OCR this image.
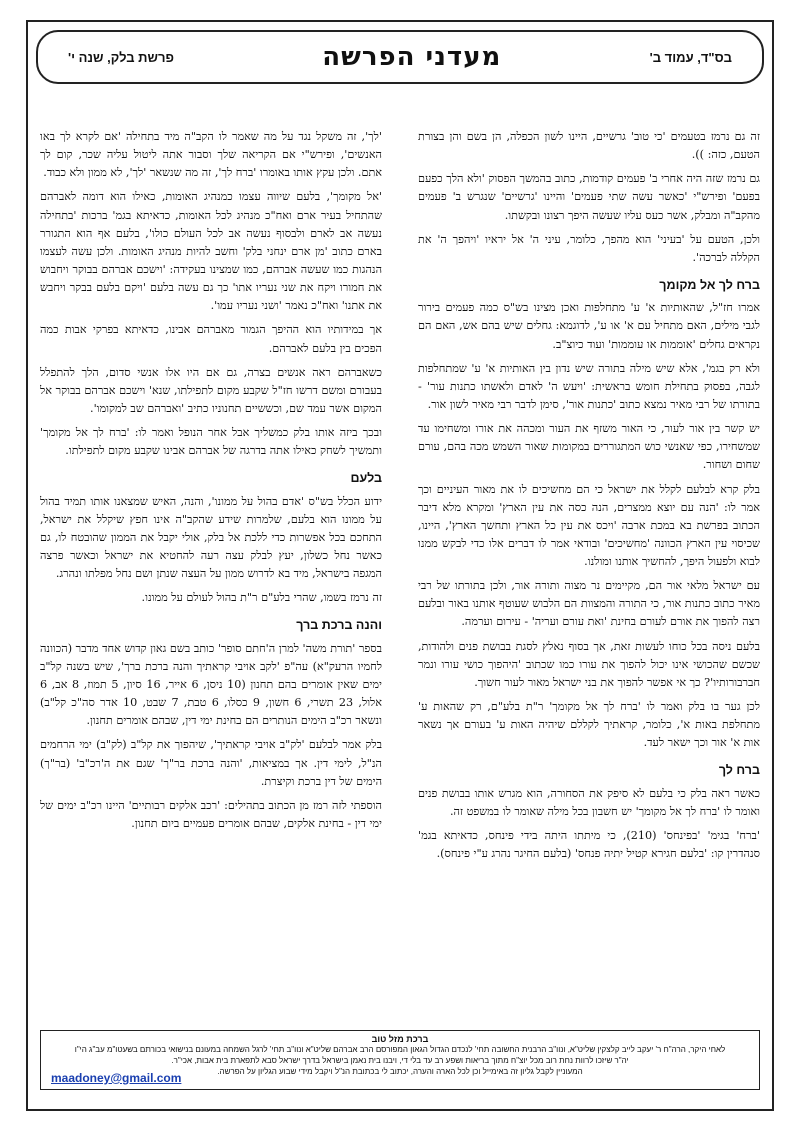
בס"ד, עמוד ב'
מעדני הפרשה
פרשת בלק, שנה י'

זה גם נרמז בטעמים 'כי טוב' גרשיים, היינו לשון הכפלה, הן בשם והן בצורת הטעם, כזה: )).

גם נרמז שזה היה אחרי ב' פעמים קודמות, כתוב בהמשך הפסוק 'ולא הלך כפעם בפעם' ופירש"י 'כאשר עשה שתי פעמים' והיינו 'גרשיים' שנגרש ב' פעמים מהקב"ה ומבלק, אשר כעס עליו שעשה היפך רצונו ובקשתו.

ולכן, הטעם על 'בעיני' הוא מהפך, כלומר, עיני ה' אל יראיו 'ויהפך ה' את הקללה לברכה'.

ברח לך אל מקומך

אמרו חז"ל, שהאותיות א' ע' מתחלפות ואכן מצינו בש"ס כמה פעמים בירור לגבי מילים, האם מתחיל עם א' או ע', לדוגמא: גחלים שיש בהם אש, האם הם נקראים גחלים 'אוממות או עוממות' ועוד כיוצ"ב.

ולא רק בגמ', אלא שיש מילה בתורה שיש נדון בין האותיות א' ע' שמתחלפות לגבה, בפסוק בתחילת חומש בראשית: 'ויעש ה' לאדם ולאשתו כתנות עור' - בתורתו של רבי מאיר נמצא כתוב 'כתנות אור', סימן לדבר רבי מאיר לשון אור.

יש קשר בין אור לעור, כי האור משזף את העור ומכהה את אורו ומשחימו עד שמשחירו, כפי שאנשי כוש המתגוררים במקומות שאור השמש מכה בהם, עורם שחום ושחור.

בלק קרא לבלעם לקלל את ישראל כי הם מחשיכים לו את מאור העיניים וכך אמר לו: 'הנה עם יוצא ממצרים, הנה כסה את עין הארץ' ומקרא מלא דיבר הכתוב בפרשת בא במכת ארבה 'ויכס את עין כל הארץ ותחשך הארץ', היינו, שכיסוי עין הארץ הכוונה 'מחשיכים' ובודאי אמר לו דברים אלו כדי לבקש ממנו לבוא ולפעול היפך, להחשיך אותנו ומולנו.

עם ישראל מלאי אור הם, מקיימים נר מצוה ותורה אור, ולכן בתורתו של רבי מאיר כתוב כתנות אור, כי התורה והמצוות הם הלבוש שעוטף אותנו באור ובלעם רצה להפוך את אורם לעורם בחינת 'ואת עורם ועריה' - עירום וערמה.

בלעם ניסה בכל כוחו לעשות זאת, אך בסוף נאלץ לסגת בבושת פנים ולהודות, שכשם שהכושי אינו יכול להפוך את עורו כמו שכתוב 'היהפוך כושי עורו ונמר חברבורותיו'? כך אי אפשר להפוך את בני ישראל מאור לעור חשוך.

לכן גער בו בלק ואמר לו 'ברח לך אל מקומך' ר"ת בלע"ם, רק שהאות ע' מתחלפת באות א', כלומר, קראתיך לקללם שיהיה האות ע' בעורם אך נשאר אות א' אור וכך ישאר לעד.

ברח לך

כאשר ראה בלק כי בלעם לא סיפק את הסחורה, הוא מגרש אותו בבושת פנים ואומר לו 'ברח לך אל מקומך' יש חשבון בכל מילה שאומר לו במשפט זה.

'ברח' בגימ' 'בפינחס' (210), כי מיתתו היתה בידי פינחס, כדאיתא בגמ' סנהדרין קו: 'בלעם חגירא קטיל יתיה פנחס' (בלעם החיגר נהרג ע"י פינחס).

'לך', זה משקל נגד על מה שאמר לו הקב"ה מיד בתחילה 'אם לקרא לך באו האנשים', ופירש"י אם הקריאה שלך וסבור אתה ליטול עליה שכר, קום לך אתם. ולכן עקץ אותו באומרו 'ברח לך', זה מה שנשאר 'לך', לא ממון ולא כבוד.

'אל מקומך', בלעם שיווה עצמו כמנהיג האומות, כאילו הוא דומה לאברהם שהתחיל בעיר ארם ואח"כ מנהיג לכל האומות, כדאיתא בגמ' ברכות 'בתחילה נעשה אב לארם ולבסוף נעשה אב לכל העולם כולו', בלעם אף הוא התגורר בארם כתוב 'מן ארם ינחני בלק' וחשב להיות מנהיג האומות. ולכן עשה לעצמו הנהגות כמו שעשה אברהם, כמו שמצינו בעקידה: 'וישכם אברהם בבוקר ויחבוש את חמורו ויקח את שני נעריו אתו' כך גם עשה בלעם 'ויקם בלעם בבקר ויחבש את אתנו' ואח"כ נאמר 'ושני נעריו עמו'.

אך במידותיו הוא ההיפך הגמור מאברהם אבינו, כדאיתא בפרקי אבות כמה הפכים בין בלעם לאברהם.

כשאברהם ראה אנשים בצרה, גם אם היו אלו אנשי סדום, הלך להתפלל בעבורם ומשם דרשו חז"ל שקבע מקום לתפילתו, שנא' וישכם אברהם בבוקר אל המקום אשר עמד שם, וכששיים תחנוניו כתיב 'ואברהם שב למקומו'.

ובכך ביזה אותו בלק כמשליך אבל אחר הנופל ואמר לו: 'ברח לך אל מקומך' ותמשיך לשחק כאילו אתה בדרגה של אברהם אבינו שקבע מקום לתפילתו.

בלעם

ידוע הכלל בש"ס 'אדם בהול על ממונו', והנה, האיש שמצאנו אותו תמיד בהול על ממונו הוא בלעם, שלמרות שידע שהקב"ה אינו חפץ שיקלל את ישראל, התחכם בכל אפשרות כדי ללכת אל בלק, אולי יקבל את הממון שהובטח לו, גם כאשר נחל כשלון, יעץ לבלק עצה רעה להחטיא את ישראל וכאשר פרצה המגפה בישראל, מיד בא לדרוש ממון על העצה שנתן ושם נחל מפלתו ונהרג.

זה נרמז בשמו, שהרי בלע"ם ר"ת בהול לעולם על ממונו.

והנה ברכת ברך

בספר 'תורת משה' למרן ה'חתם סופר' כותב בשם גאון קדוש אחד מדבר (הכוונה לחמיו הרעק"א) עה"פ 'לקב אויבי קראתיך והנה ברכת ברך', שיש בשנה קל"ב ימים שאין אומרים בהם תחנון (10 ניסן, 6 אייר, 16 סיון, 5 תמוז, 8 אב, 6 אלול, 23 תשרי, 6 חשון, 9 כסלו, 6 טבת, 7 שבט, 10 אדר סה"כ קל"ב) ונשאר רכ"ב הימים הנותרים הם בחינת ימי דין, שבהם אומרים תחנון.

בלק אמר לבלעם 'לק"ב אויבי קראתיך', שיהפוך את קל"ב (לק"ב) ימי הרחמים הנ"ל, לימי דין. אך במציאות, 'והנה ברכת בר"ך' שגם את ה'רכ"ב' (בר"ך) הימים של דין ברכת וקיצרת.

הוספתי לזה רמז מן הכתוב בתהילים: 'רכב אלקים רבותיים' היינו רכ"ב ימים של ימי דין - בחינת אלקים, שבהם אומרים פעמיים ביום תחנון.

ברכת מזל טוב
לאחי היקר, הרה"ח ר' יעקב לייב קלצקין שליט"א, ונוו"ב הרבנית החשובה תחי' לנכדם הגדול הגאון המפורסם הרב אברהם שליט"א ונוו"ב תחי' לרגל השמחה במעונם בנישואי בכורתם בשעטו"מ עב"ג הי"ו
יה"ר שיזכו לרוות נחת רוב מכל יוצ"ח מתוך בריאות ושפע רב עד בלי די, ויבנו בית נאמן בישראל בדרך ישראל סבא לתפארת בית אבות, אכי"ר.
המעוניין לקבל גליון זה באימייל וכן לכל הארה והערה, יכתוב לי בכתובת הנ"ל ויקבל מידי שבוע הגליון על הפרשה.
maadoney@gmail.com
